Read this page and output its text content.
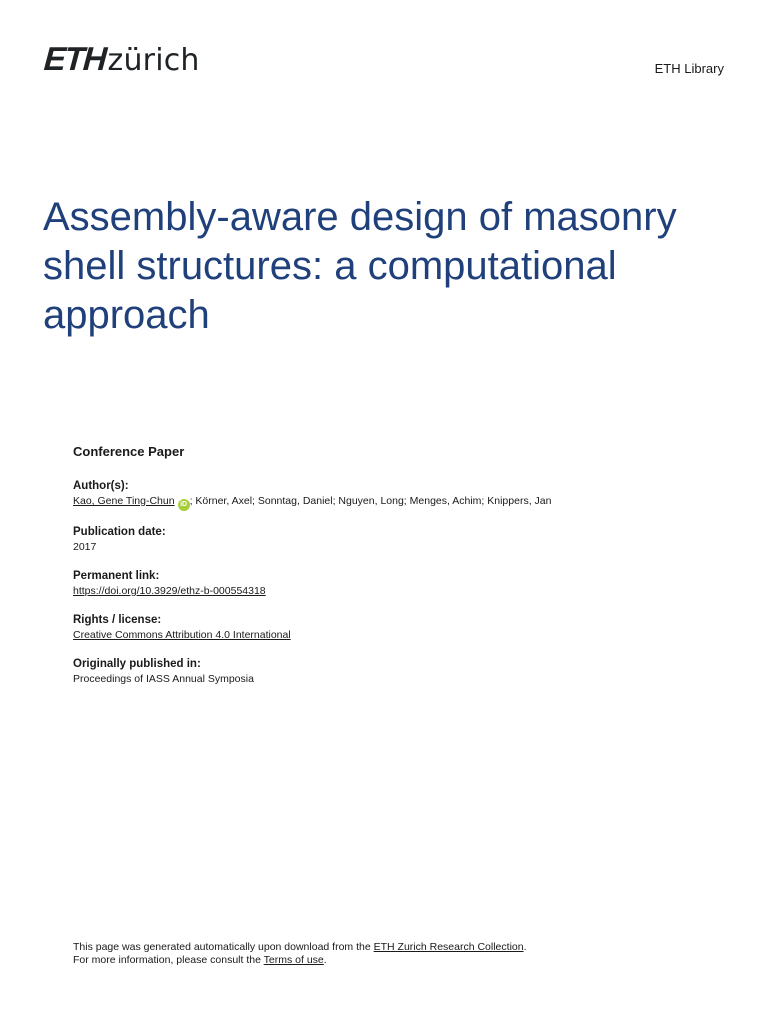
ETH zürich	ETH Library
Assembly-aware design of masonry shell structures: a computational approach
Conference Paper
Author(s):
Kao, Gene Ting-Chun iD ; Körner, Axel; Sonntag, Daniel; Nguyen, Long; Menges, Achim; Knippers, Jan
Publication date:
2017
Permanent link:
https://doi.org/10.3929/ethz-b-000554318
Rights / license:
Creative Commons Attribution 4.0 International
Originally published in:
Proceedings of IASS Annual Symposia
This page was generated automatically upon download from the ETH Zurich Research Collection.
For more information, please consult the Terms of use.
